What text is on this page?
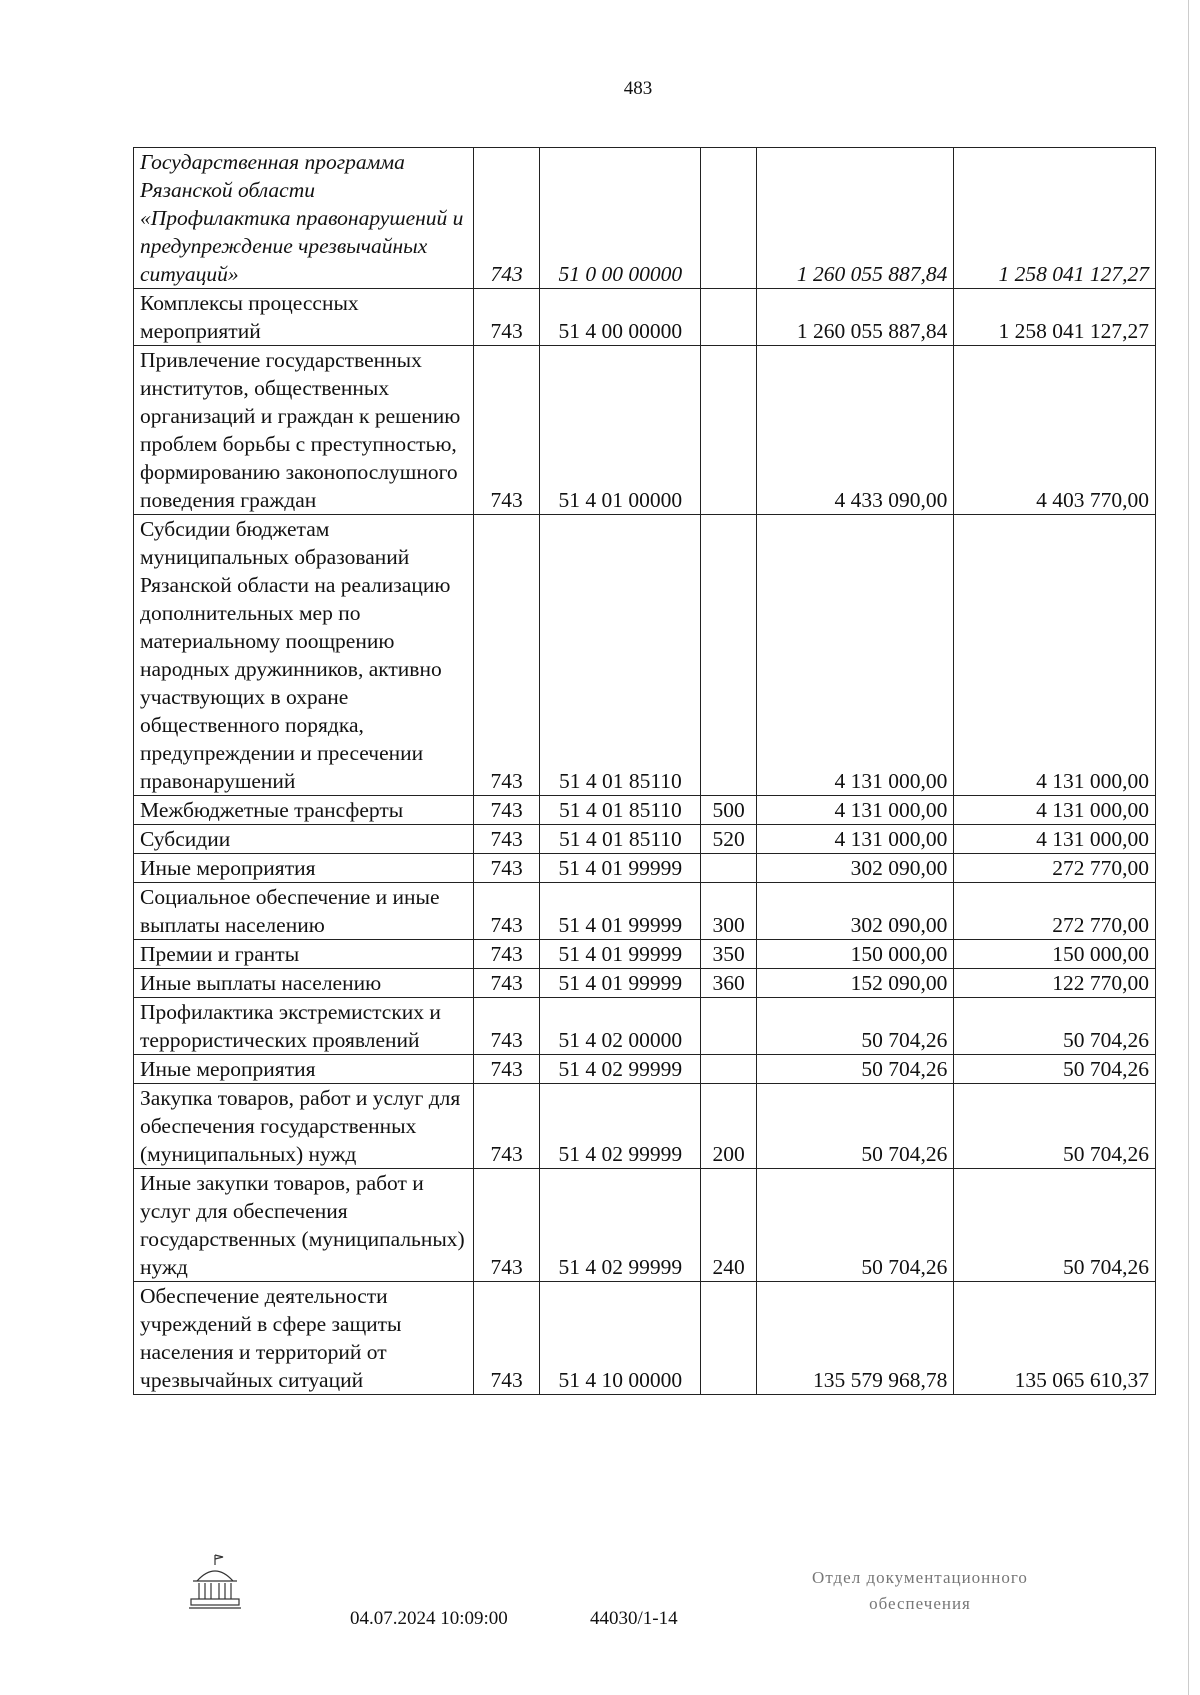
483
Государственная программа Рязанской области «Профилактика правонарушений и предупреждение чрезвычайных ситуаций»	743	51 0 00 00000		1 260 055 887,84	1 258 041 127,27
Комплексы процессных мероприятий	743	51 4 00 00000		1 260 055 887,84	1 258 041 127,27
Привлечение государственных институтов, общественных организаций и граждан к решению проблем борьбы с преступностью, формированию законопослушного поведения граждан	743	51 4 01 00000		4 433 090,00	4 403 770,00
Субсидии бюджетам муниципальных образований Рязанской области на реализацию дополнительных мер по материальному поощрению народных дружинников, активно участвующих в охране общественного порядка, предупреждении и пресечении правонарушений	743	51 4 01 85110		4 131 000,00	4 131 000,00
Межбюджетные трансферты	743	51 4 01 85110	500	4 131 000,00	4 131 000,00
Субсидии	743	51 4 01 85110	520	4 131 000,00	4 131 000,00
Иные мероприятия	743	51 4 01 99999		302 090,00	272 770,00
Социальное обеспечение и иные выплаты населению	743	51 4 01 99999	300	302 090,00	272 770,00
Премии и гранты	743	51 4 01 99999	350	150 000,00	150 000,00
Иные выплаты населению	743	51 4 01 99999	360	152 090,00	122 770,00
Профилактика экстремистских и террористических проявлений	743	51 4 02 00000		50 704,26	50 704,26
Иные мероприятия	743	51 4 02 99999		50 704,26	50 704,26
Закупка товаров, работ и услуг для обеспечения государственных (муниципальных) нужд	743	51 4 02 99999	200	50 704,26	50 704,26
Иные закупки товаров, работ и услуг для обеспечения государственных (муниципальных) нужд	743	51 4 02 99999	240	50 704,26	50 704,26
Обеспечение деятельности учреждений в сфере защиты населения и территорий от чрезвычайных ситуаций	743	51 4 10 00000		135 579 968,78	135 065 610,37
04.07.2024 10:09:00	44030/1-14
Отдел документационного
обеспечения
